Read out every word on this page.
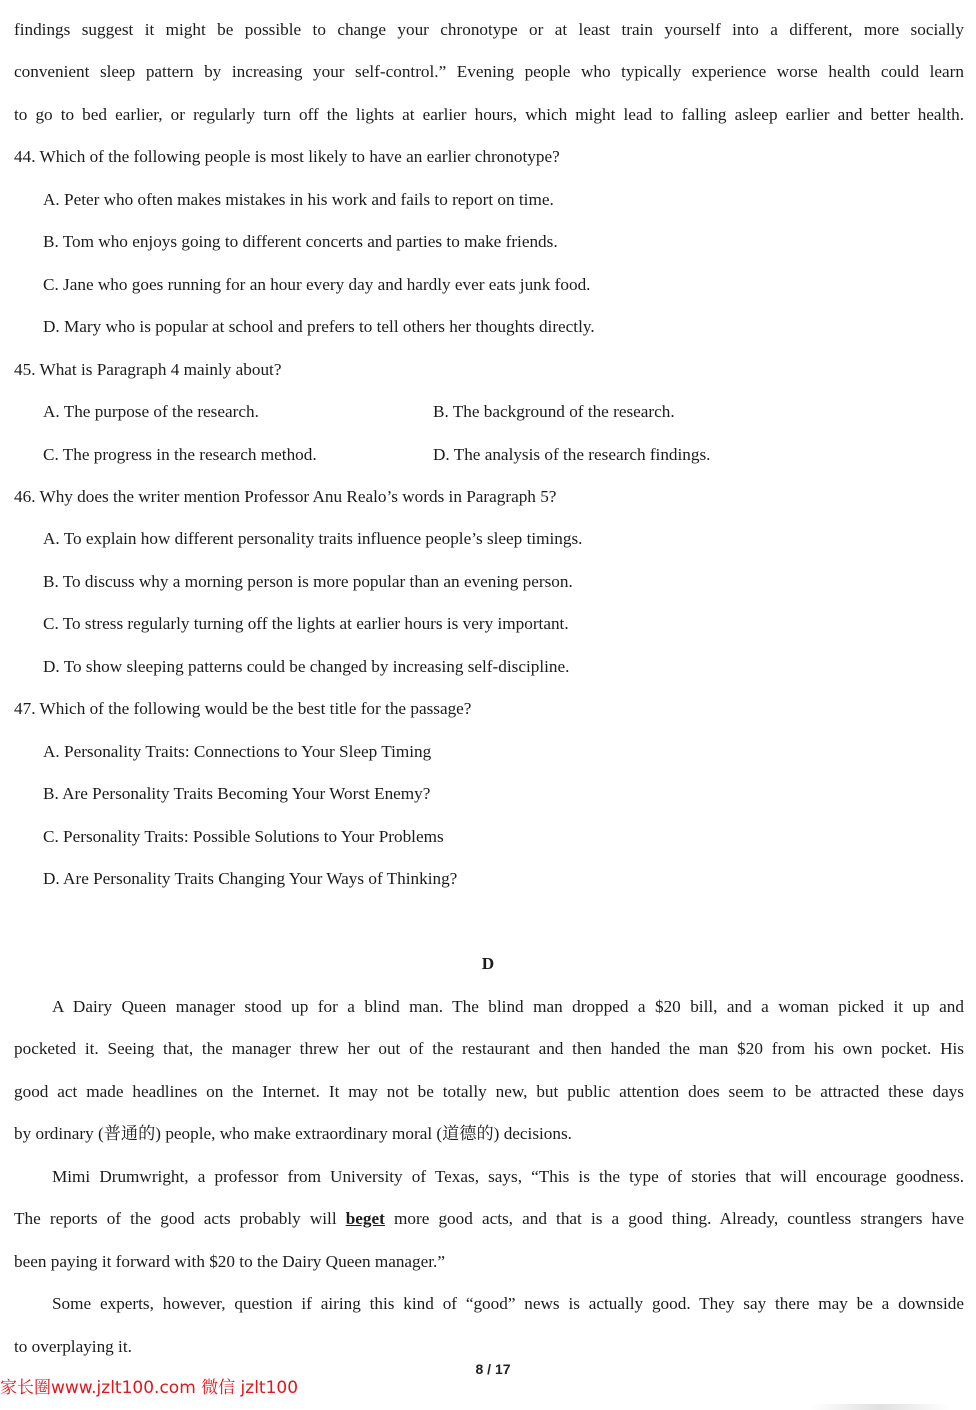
findings suggest it might be possible to change your chronotype or at least train yourself into a different, more socially
convenient sleep pattern by increasing your self-control.” Evening people who typically experience worse health could learn
to go to bed earlier, or regularly turn off the lights at earlier hours, which might lead to falling asleep earlier and better health.
44. Which of the following people is most likely to have an earlier chronotype?
A. Peter who often makes mistakes in his work and fails to report on time.
B. Tom who enjoys going to different concerts and parties to make friends.
C. Jane who goes running for an hour every day and hardly ever eats junk food.
D. Mary who is popular at school and prefers to tell others her thoughts directly.
45. What is Paragraph 4 mainly about?
A. The purpose of the research.	B. The background of the research.
C. The progress in the research method.	D. The analysis of the research findings.
46. Why does the writer mention Professor Anu Realo’s words in Paragraph 5?
A. To explain how different personality traits influence people’s sleep timings.
B. To discuss why a morning person is more popular than an evening person.
C. To stress regularly turning off the lights at earlier hours is very important.
D. To show sleeping patterns could be changed by increasing self-discipline.
47. Which of the following would be the best title for the passage?
A. Personality Traits: Connections to Your Sleep Timing
B. Are Personality Traits Becoming Your Worst Enemy?
C. Personality Traits: Possible Solutions to Your Problems
D. Are Personality Traits Changing Your Ways of Thinking?
D
A Dairy Queen manager stood up for a blind man. The blind man dropped a $20 bill, and a woman picked it up and
pocketed it. Seeing that, the manager threw her out of the restaurant and then handed the man $20 from his own pocket. His
good act made headlines on the Internet. It may not be totally new, but public attention does seem to be attracted these days
by ordinary (普通的) people, who make extraordinary moral (道德的) decisions.
Mimi Drumwright, a professor from University of Texas, says, “This is the type of stories that will encourage goodness.
The reports of the good acts probably will beget more good acts, and that is a good thing. Already, countless strangers have
been paying it forward with $20 to the Dairy Queen manager.”
Some experts, however, question if airing this kind of “good” news is actually good. They say there may be a downside
to overplaying it.
8 / 17
家长圈www.jzlt100.com 微信 jzlt100
